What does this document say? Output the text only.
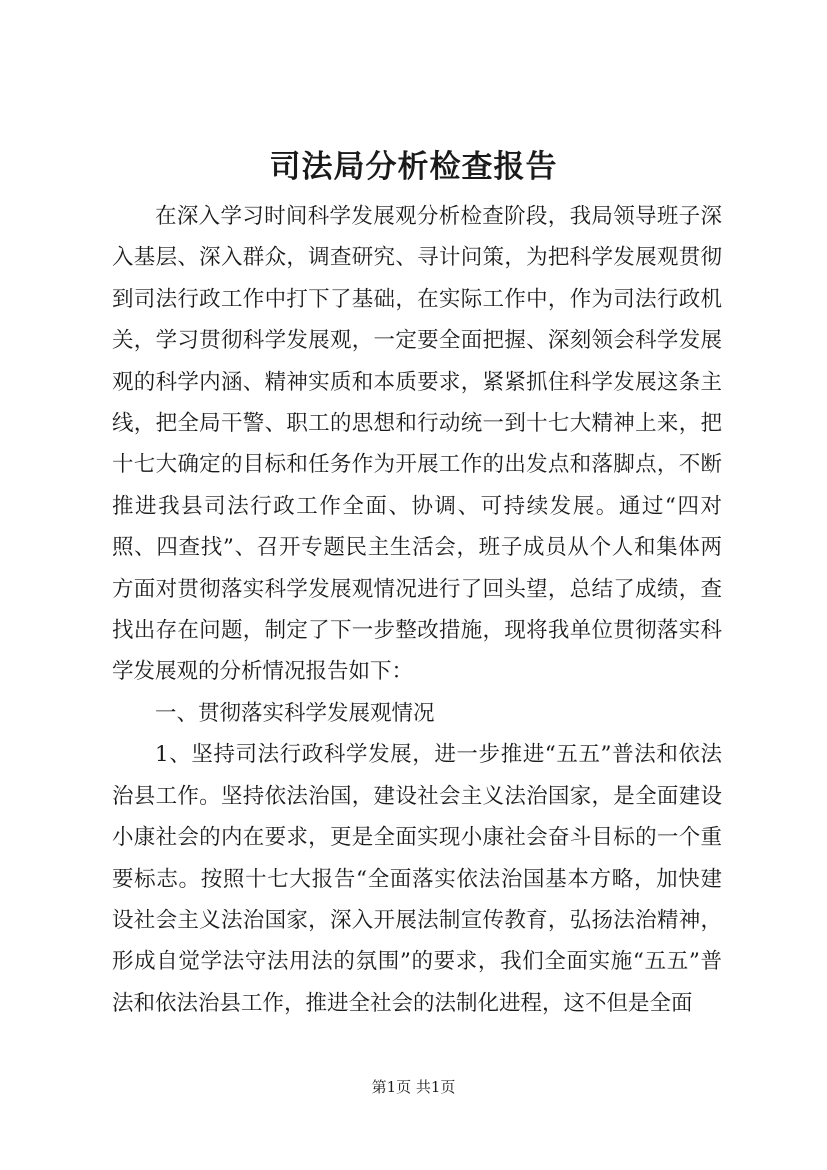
司法局分析检查报告

在深入学习时间科学发展观分析检查阶段，我局领导班子深入基层、深入群众，调查研究、寻计问策，为把科学发展观贯彻到司法行政工作中打下了基础，在实际工作中，作为司法行政机关，学习贯彻科学发展观，一定要全面把握、深刻领会科学发展观的科学内涵、精神实质和本质要求，紧紧抓住科学发展这条主线，把全局干警、职工的思想和行动统一到十七大精神上来，把十七大确定的目标和任务作为开展工作的出发点和落脚点，不断推进我县司法行政工作全面、协调、可持续发展。通过“四对照、四查找”、召开专题民主生活会，班子成员从个人和集体两方面对贯彻落实科学发展观情况进行了回头望，总结了成绩，查找出存在问题，制定了下一步整改措施，现将我单位贯彻落实科学发展观的分析情况报告如下：

一、贯彻落实科学发展观情况

1、坚持司法行政科学发展，进一步推进“五五”普法和依法治县工作。坚持依法治国，建设社会主义法治国家，是全面建设小康社会的内在要求，更是全面实现小康社会奋斗目标的一个重要标志。按照十七大报告“全面落实依法治国基本方略，加快建设社会主义法治国家，深入开展法制宣传教育，弘扬法治精神，形成自觉学法守法用法的氛围”的要求，我们全面实施“五五”普法和依法治县工作，推进全社会的法制化进程，这不但是全面

第1页 共1页
